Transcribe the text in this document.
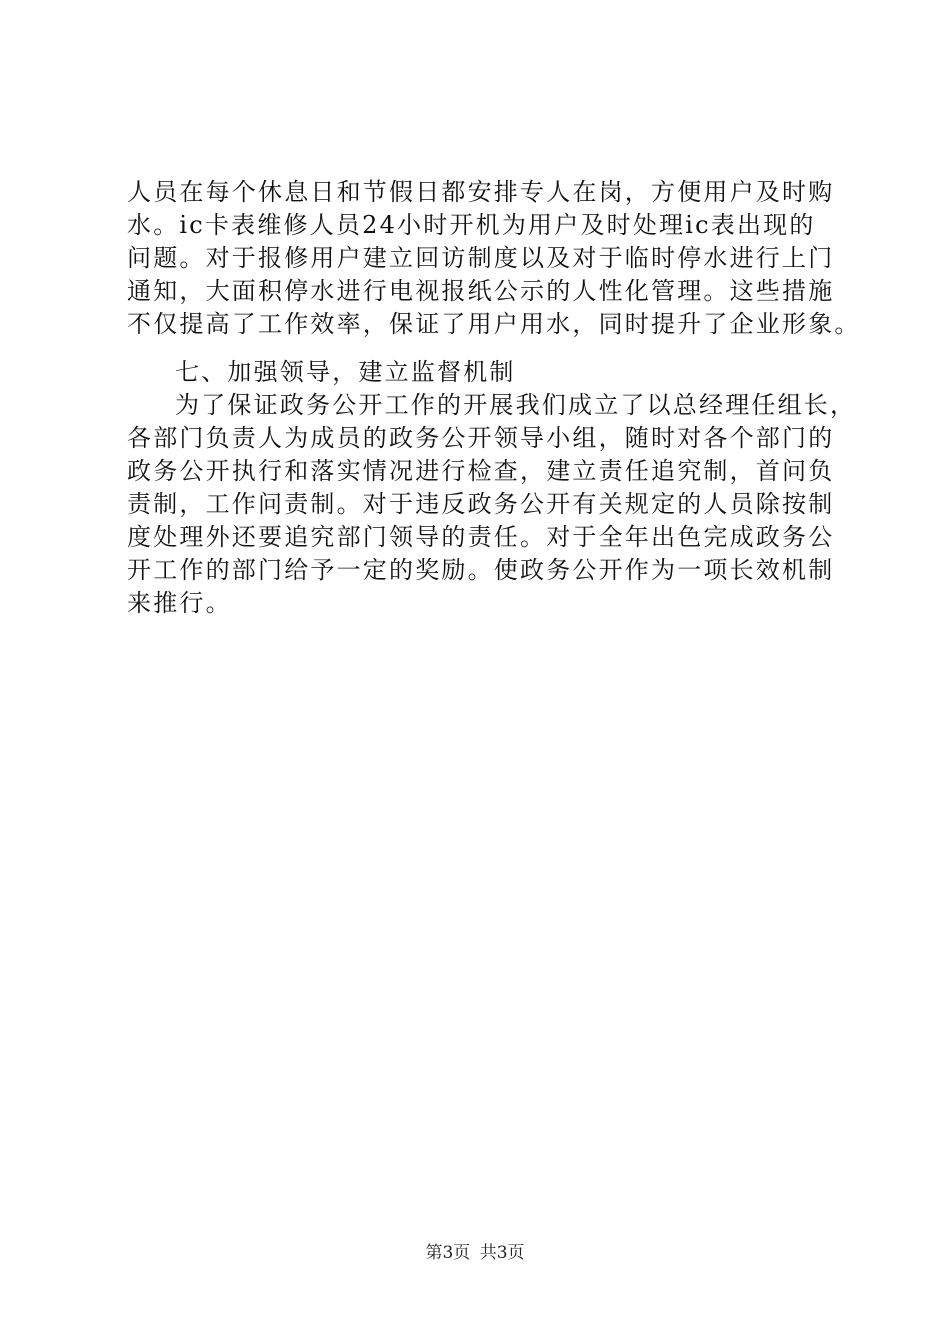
人员在每个休息日和节假日都安排专人在岗，方便用户及时购
水。ic卡表维修人员24小时开机为用户及时处理ic表出现的
问题。对于报修用户建立回访制度以及对于临时停水进行上门
通知，大面积停水进行电视报纸公示的人性化管理。这些措施
不仅提高了工作效率，保证了用户用水，同时提升了企业形象。
七、加强领导，建立监督机制
为了保证政务公开工作的开展我们成立了以总经理任组长，
各部门负责人为成员的政务公开领导小组，随时对各个部门的
政务公开执行和落实情况进行检查，建立责任追究制，首问负
责制，工作问责制。对于违反政务公开有关规定的人员除按制
度处理外还要追究部门领导的责任。对于全年出色完成政务公
开工作的部门给予一定的奖励。使政务公开作为一项长效机制
来推行。
第3页 共3页
